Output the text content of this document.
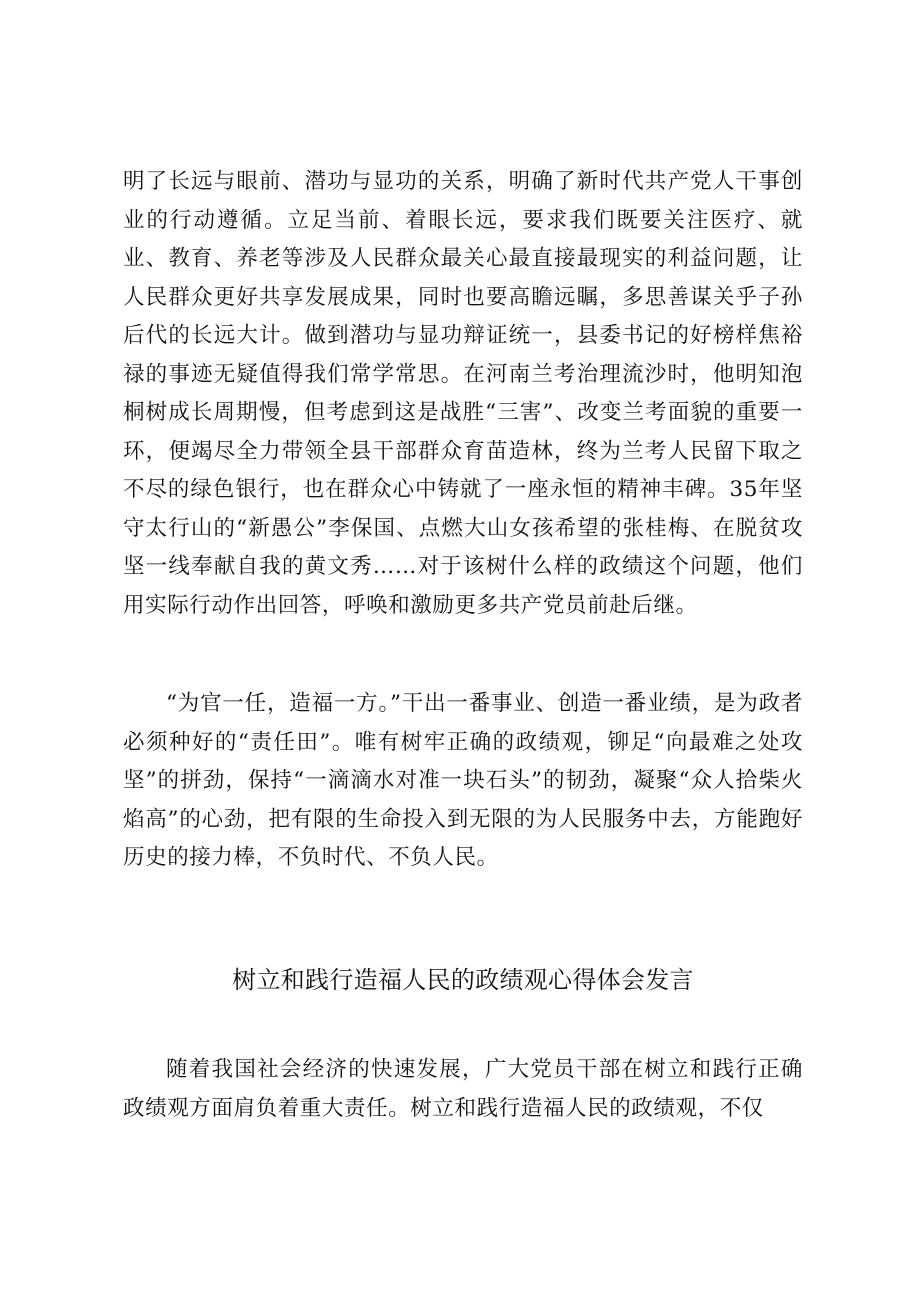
明了长远与眼前、潜功与显功的关系，明确了新时代共产党人干事创业的行动遵循。立足当前、着眼长远，要求我们既要关注医疗、就业、教育、养老等涉及人民群众最关心最直接最现实的利益问题，让人民群众更好共享发展成果，同时也要高瞻远瞩，多思善谋关乎子孙后代的长远大计。做到潜功与显功辩证统一，县委书记的好榜样焦裕禄的事迹无疑值得我们常学常思。在河南兰考治理流沙时，他明知泡桐树成长周期慢，但考虑到这是战胜“三害”、改变兰考面貌的重要一环，便竭尽全力带领全县干部群众育苗造林，终为兰考人民留下取之不尽的绿色银行，也在群众心中铸就了一座永恒的精神丰碑。35年坚守太行山的“新愚公”李保国、点燃大山女孩希望的张桂梅、在脱贫攻坚一线奉献自我的黄文秀……对于该树什么样的政绩这个问题，他们用实际行动作出回答，呼唤和激励更多共产党员前赴后继。

“为官一任，造福一方。”干出一番事业、创造一番业绩，是为政者必须种好的“责任田”。唯有树牢正确的政绩观，铆足“向最难之处攻坚”的拼劲，保持“一滴滴水对准一块石头”的韧劲，凝聚“众人拾柴火焰高”的心劲，把有限的生命投入到无限的为人民服务中去，方能跑好历史的接力棒，不负时代、不负人民。

树立和践行造福人民的政绩观心得体会发言

随着我国社会经济的快速发展，广大党员干部在树立和践行正确政绩观方面肩负着重大责任。树立和践行造福人民的政绩观，不仅
